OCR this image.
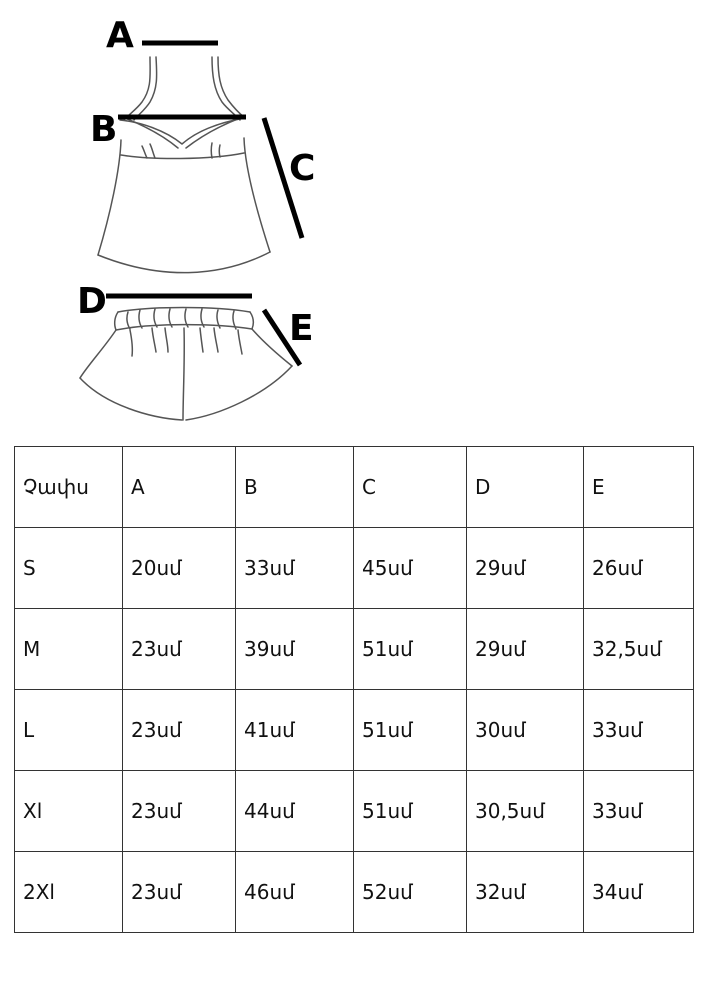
A
B
C
D
E
Չափս	A	B	C	D	E
S	20սմ	33սմ	45սմ	29սմ	26սմ
M	23սմ	39սմ	51սմ	29սմ	32,5սմ
L	23սմ	41սմ	51սմ	30սմ	33սմ
Xl	23սմ	44սմ	51սմ	30,5սմ	33սմ
2Xl	23սմ	46սմ	52սմ	32սմ	34սմ
